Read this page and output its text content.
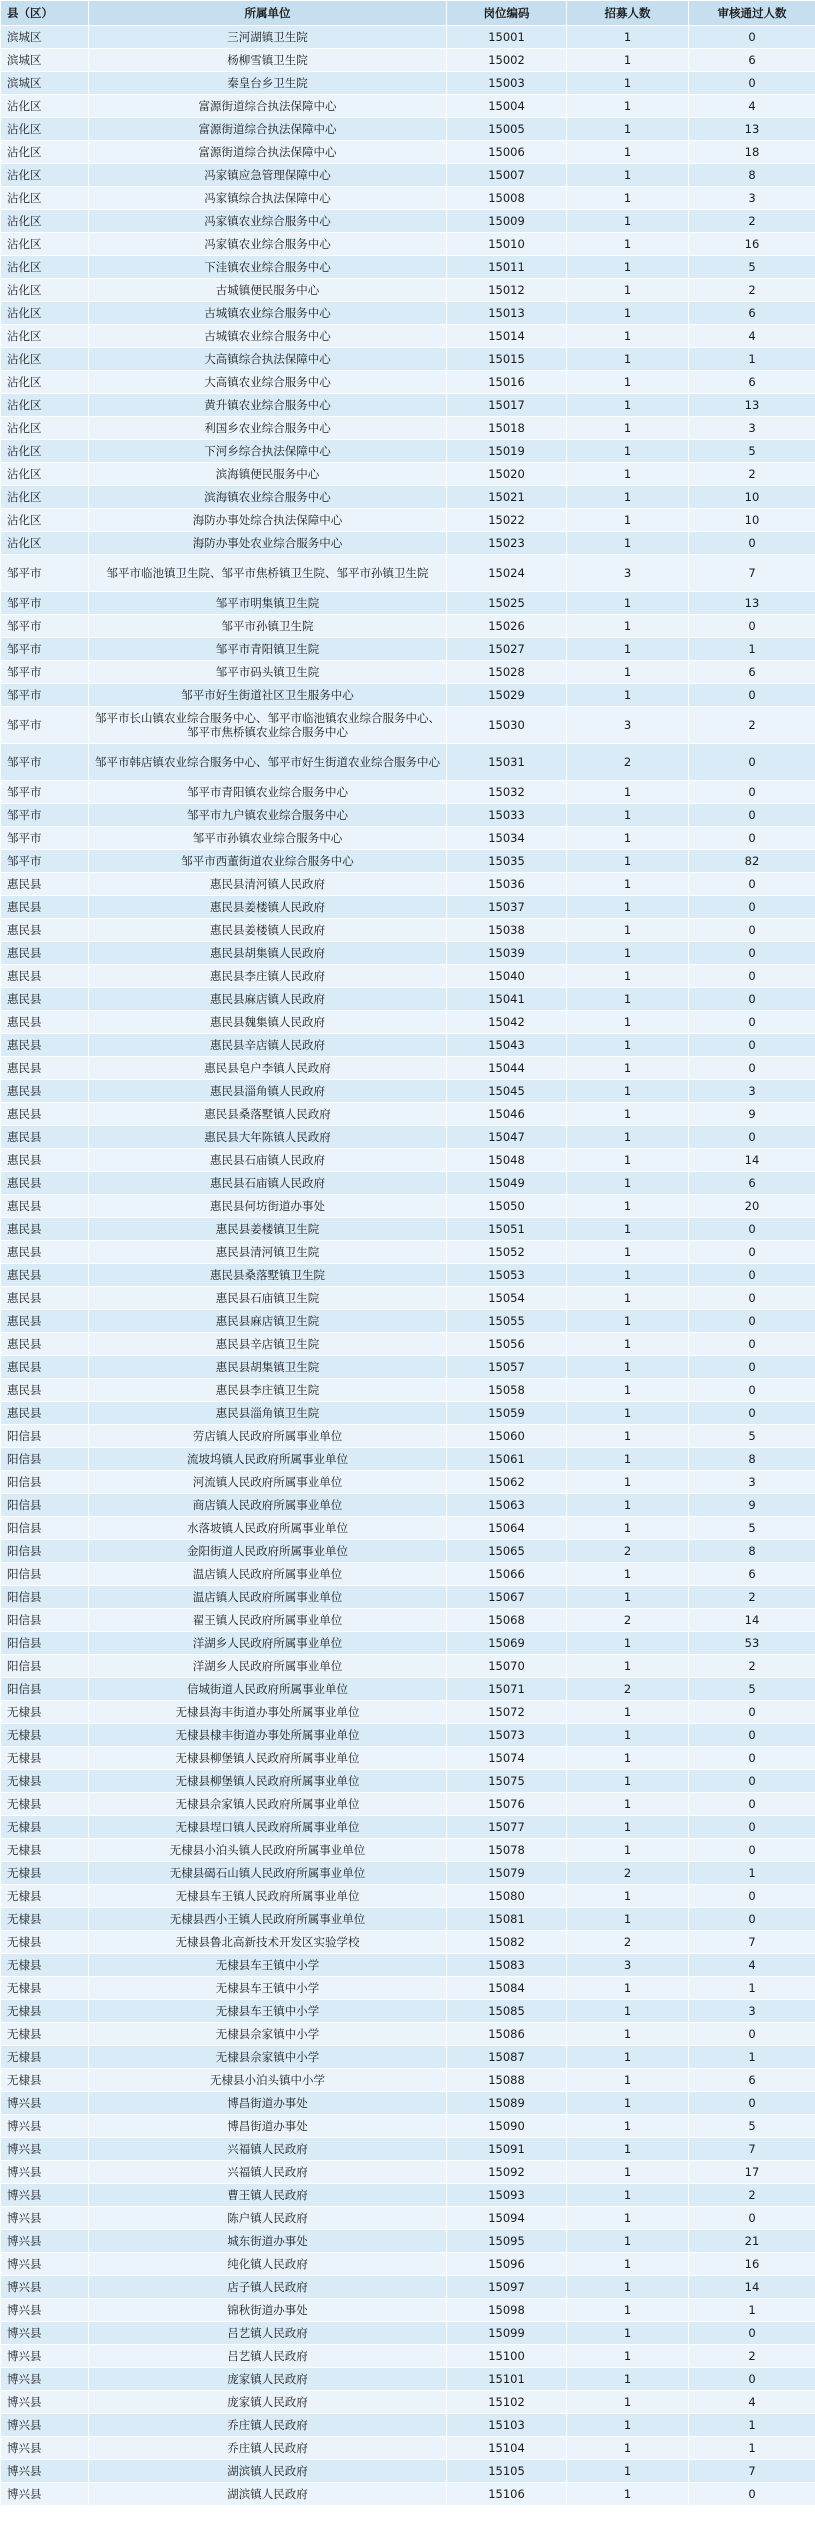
县（区）	所属单位	岗位编码	招募人数	审核通过人数
滨城区	三河湖镇卫生院	15001	1	0
滨城区	杨柳雪镇卫生院	15002	1	6
滨城区	秦皇台乡卫生院	15003	1	0
沾化区	富源街道综合执法保障中心	15004	1	4
沾化区	富源街道综合执法保障中心	15005	1	13
沾化区	富源街道综合执法保障中心	15006	1	18
沾化区	冯家镇应急管理保障中心	15007	1	8
沾化区	冯家镇综合执法保障中心	15008	1	3
沾化区	冯家镇农业综合服务中心	15009	1	2
沾化区	冯家镇农业综合服务中心	15010	1	16
沾化区	下洼镇农业综合服务中心	15011	1	5
沾化区	古城镇便民服务中心	15012	1	2
沾化区	古城镇农业综合服务中心	15013	1	6
沾化区	古城镇农业综合服务中心	15014	1	4
沾化区	大高镇综合执法保障中心	15015	1	1
沾化区	大高镇农业综合服务中心	15016	1	6
沾化区	黄升镇农业综合服务中心	15017	1	13
沾化区	利国乡农业综合服务中心	15018	1	3
沾化区	下河乡综合执法保障中心	15019	1	5
沾化区	滨海镇便民服务中心	15020	1	2
沾化区	滨海镇农业综合服务中心	15021	1	10
沾化区	海防办事处综合执法保障中心	15022	1	10
沾化区	海防办事处农业综合服务中心	15023	1	0
邹平市	邹平市临池镇卫生院、邹平市焦桥镇卫生院、邹平市孙镇卫生院	15024	3	7
邹平市	邹平市明集镇卫生院	15025	1	13
邹平市	邹平市孙镇卫生院	15026	1	0
邹平市	邹平市青阳镇卫生院	15027	1	1
邹平市	邹平市码头镇卫生院	15028	1	6
邹平市	邹平市好生街道社区卫生服务中心	15029	1	0
邹平市	邹平市长山镇农业综合服务中心、邹平市临池镇农业综合服务中心、邹平市焦桥镇农业综合服务中心	15030	3	2
邹平市	邹平市韩店镇农业综合服务中心、邹平市好生街道农业综合服务中心	15031	2	0
邹平市	邹平市青阳镇农业综合服务中心	15032	1	0
邹平市	邹平市九户镇农业综合服务中心	15033	1	0
邹平市	邹平市孙镇农业综合服务中心	15034	1	0
邹平市	邹平市西董街道农业综合服务中心	15035	1	82
惠民县	惠民县清河镇人民政府	15036	1	0
惠民县	惠民县姜楼镇人民政府	15037	1	0
惠民县	惠民县姜楼镇人民政府	15038	1	0
惠民县	惠民县胡集镇人民政府	15039	1	0
惠民县	惠民县李庄镇人民政府	15040	1	0
惠民县	惠民县麻店镇人民政府	15041	1	0
惠民县	惠民县魏集镇人民政府	15042	1	0
惠民县	惠民县辛店镇人民政府	15043	1	0
惠民县	惠民县皂户李镇人民政府	15044	1	0
惠民县	惠民县淄角镇人民政府	15045	1	3
惠民县	惠民县桑落墅镇人民政府	15046	1	9
惠民县	惠民县大年陈镇人民政府	15047	1	0
惠民县	惠民县石庙镇人民政府	15048	1	14
惠民县	惠民县石庙镇人民政府	15049	1	6
惠民县	惠民县何坊街道办事处	15050	1	20
惠民县	惠民县姜楼镇卫生院	15051	1	0
惠民县	惠民县清河镇卫生院	15052	1	0
惠民县	惠民县桑落墅镇卫生院	15053	1	0
惠民县	惠民县石庙镇卫生院	15054	1	0
惠民县	惠民县麻店镇卫生院	15055	1	0
惠民县	惠民县辛店镇卫生院	15056	1	0
惠民县	惠民县胡集镇卫生院	15057	1	0
惠民县	惠民县李庄镇卫生院	15058	1	0
惠民县	惠民县淄角镇卫生院	15059	1	0
阳信县	劳店镇人民政府所属事业单位	15060	1	5
阳信县	流坡坞镇人民政府所属事业单位	15061	1	8
阳信县	河流镇人民政府所属事业单位	15062	1	3
阳信县	商店镇人民政府所属事业单位	15063	1	9
阳信县	水落坡镇人民政府所属事业单位	15064	1	5
阳信县	金阳街道人民政府所属事业单位	15065	2	8
阳信县	温店镇人民政府所属事业单位	15066	1	6
阳信县	温店镇人民政府所属事业单位	15067	1	2
阳信县	翟王镇人民政府所属事业单位	15068	2	14
阳信县	洋湖乡人民政府所属事业单位	15069	1	53
阳信县	洋湖乡人民政府所属事业单位	15070	1	2
阳信县	信城街道人民政府所属事业单位	15071	2	5
无棣县	无棣县海丰街道办事处所属事业单位	15072	1	0
无棣县	无棣县棣丰街道办事处所属事业单位	15073	1	0
无棣县	无棣县柳堡镇人民政府所属事业单位	15074	1	0
无棣县	无棣县柳堡镇人民政府所属事业单位	15075	1	0
无棣县	无棣县佘家镇人民政府所属事业单位	15076	1	0
无棣县	无棣县埕口镇人民政府所属事业单位	15077	1	0
无棣县	无棣县小泊头镇人民政府所属事业单位	15078	1	0
无棣县	无棣县碣石山镇人民政府所属事业单位	15079	2	1
无棣县	无棣县车王镇人民政府所属事业单位	15080	1	0
无棣县	无棣县西小王镇人民政府所属事业单位	15081	1	0
无棣县	无棣县鲁北高新技术开发区实验学校	15082	2	7
无棣县	无棣县车王镇中小学	15083	3	4
无棣县	无棣县车王镇中小学	15084	1	1
无棣县	无棣县车王镇中小学	15085	1	3
无棣县	无棣县佘家镇中小学	15086	1	0
无棣县	无棣县佘家镇中小学	15087	1	1
无棣县	无棣县小泊头镇中小学	15088	1	6
博兴县	博昌街道办事处	15089	1	0
博兴县	博昌街道办事处	15090	1	5
博兴县	兴福镇人民政府	15091	1	7
博兴县	兴福镇人民政府	15092	1	17
博兴县	曹王镇人民政府	15093	1	2
博兴县	陈户镇人民政府	15094	1	0
博兴县	城东街道办事处	15095	1	21
博兴县	纯化镇人民政府	15096	1	16
博兴县	店子镇人民政府	15097	1	14
博兴县	锦秋街道办事处	15098	1	1
博兴县	吕艺镇人民政府	15099	1	0
博兴县	吕艺镇人民政府	15100	1	2
博兴县	庞家镇人民政府	15101	1	0
博兴县	庞家镇人民政府	15102	1	4
博兴县	乔庄镇人民政府	15103	1	1
博兴县	乔庄镇人民政府	15104	1	1
博兴县	湖滨镇人民政府	15105	1	7
博兴县	湖滨镇人民政府	15106	1	0
